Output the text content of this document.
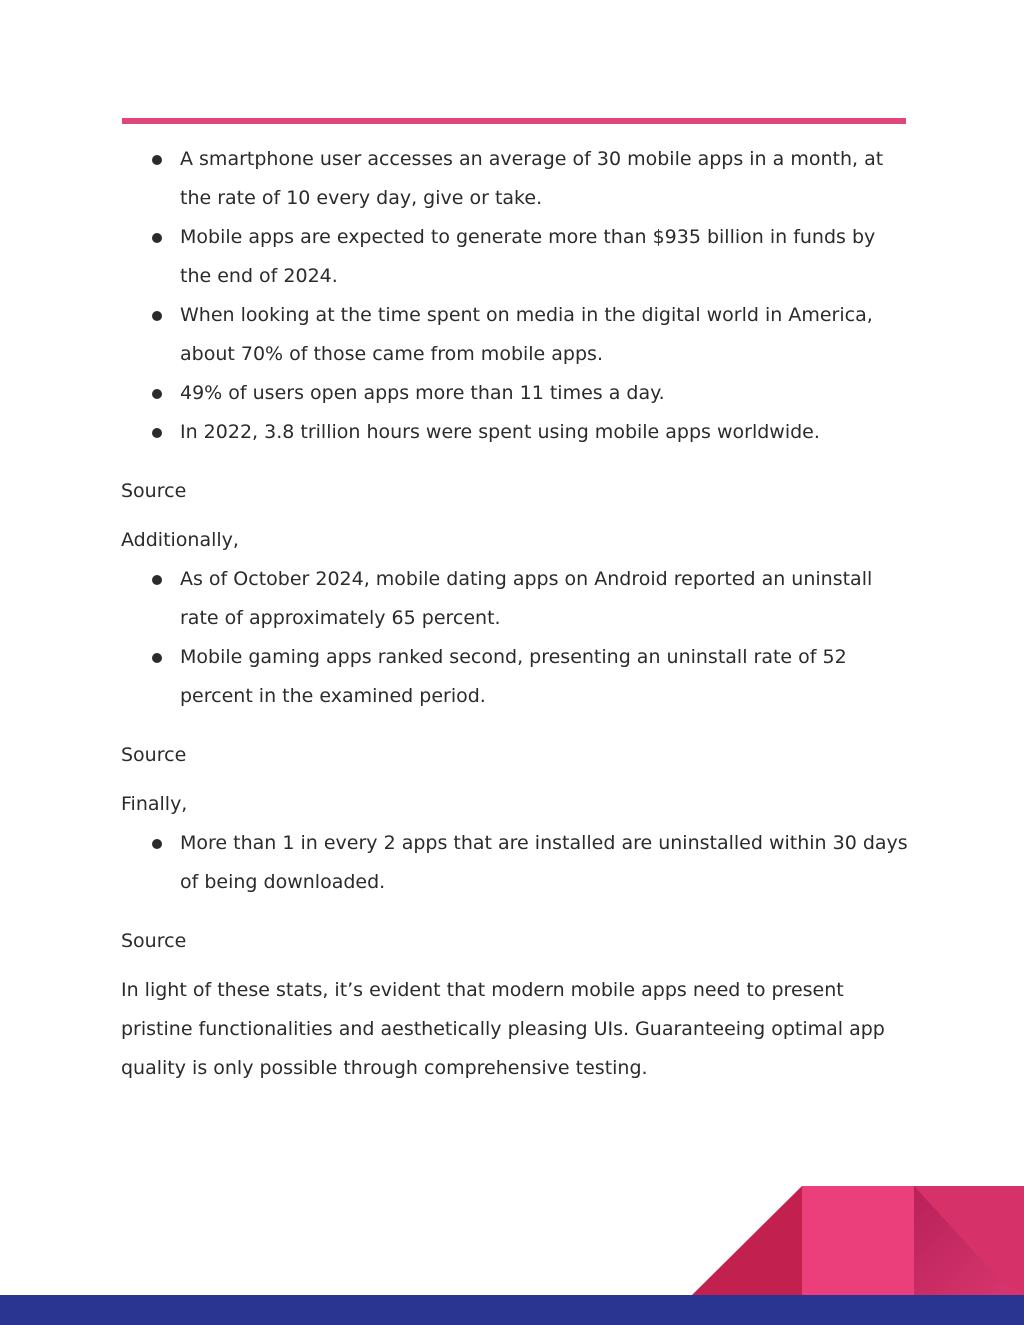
A smartphone user accesses an average of 30 mobile apps in a month, at the rate of 10 every day, give or take.
Mobile apps are expected to generate more than $935 billion in funds by the end of 2024.
When looking at the time spent on media in the digital world in America, about 70% of those came from mobile apps.
49% of users open apps more than 11 times a day.
In 2022, 3.8 trillion hours were spent using mobile apps worldwide.

Source

Additionally,

As of October 2024, mobile dating apps on Android reported an uninstall rate of approximately 65 percent.
Mobile gaming apps ranked second, presenting an uninstall rate of 52 percent in the examined period.

Source

Finally,

More than 1 in every 2 apps that are installed are uninstalled within 30 days of being downloaded.

Source

In light of these stats, it’s evident that modern mobile apps need to present pristine functionalities and aesthetically pleasing UIs. Guaranteeing optimal app quality is only possible through comprehensive testing.
